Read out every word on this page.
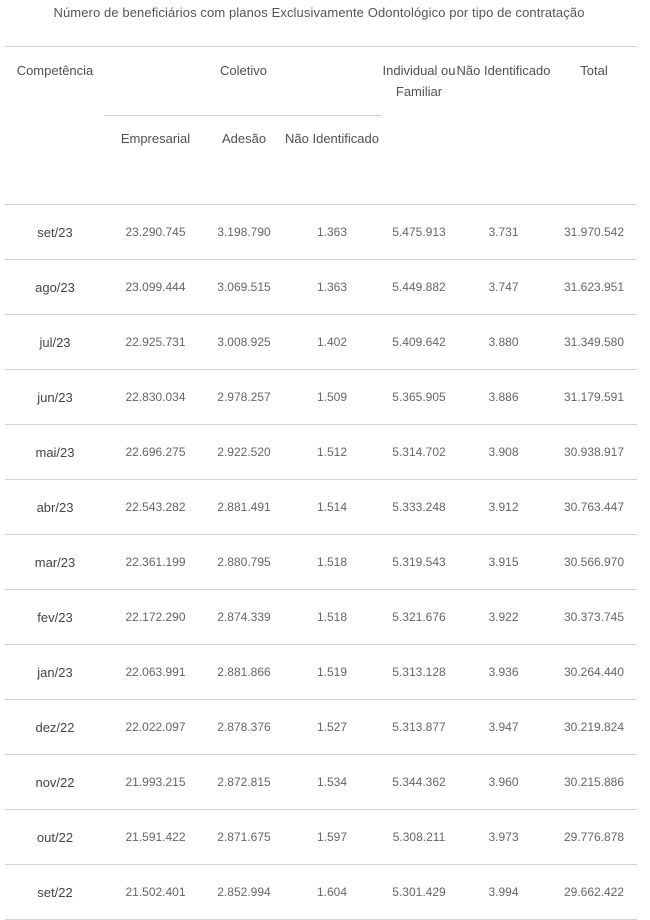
Número de beneficiários com planos Exclusivamente Odontológico por tipo de contratação
Competência	Coletivo			Individual ou Familiar	Não Identificado	Total
	Empresarial	Adesão	Não Identificado			
set/23	23.290.745	3.198.790	1.363	5.475.913	3.731	31.970.542
ago/23	23.099.444	3.069.515	1.363	5.449.882	3.747	31.623.951
jul/23	22.925.731	3.008.925	1.402	5.409.642	3.880	31.349.580
jun/23	22.830.034	2.978.257	1.509	5.365.905	3.886	31.179.591
mai/23	22.696.275	2.922.520	1.512	5.314.702	3.908	30.938.917
abr/23	22.543.282	2.881.491	1.514	5.333.248	3.912	30.763.447
mar/23	22.361.199	2.880.795	1.518	5.319.543	3.915	30.566.970
fev/23	22.172.290	2.874.339	1.518	5.321.676	3.922	30.373.745
jan/23	22.063.991	2.881.866	1.519	5.313.128	3.936	30.264.440
dez/22	22.022.097	2.878.376	1.527	5.313.877	3.947	30.219.824
nov/22	21.993.215	2.872.815	1.534	5.344.362	3.960	30.215.886
out/22	21.591.422	2.871.675	1.597	5.308.211	3.973	29.776.878
set/22	21.502.401	2.852.994	1.604	5.301.429	3.994	29.662.422
